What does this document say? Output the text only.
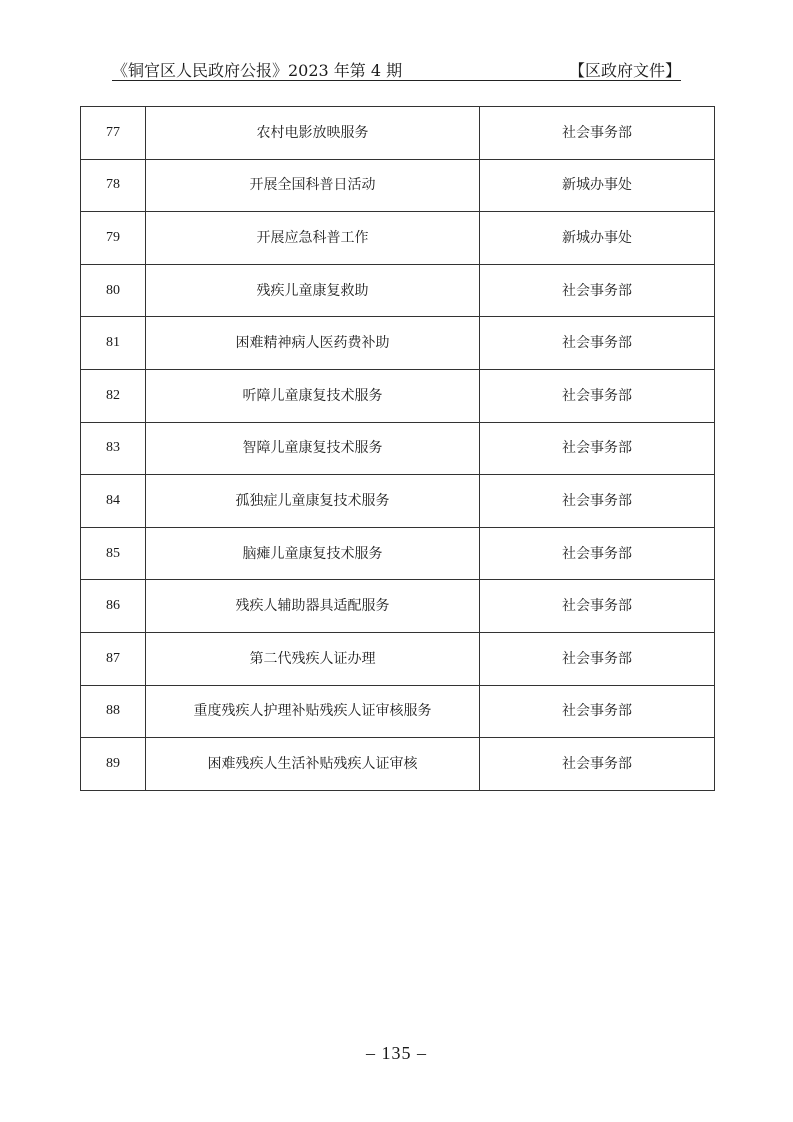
《铜官区人民政府公报》2023 年第 4 期	【区政府文件】
77	农村电影放映服务	社会事务部
78	开展全国科普日活动	新城办事处
79	开展应急科普工作	新城办事处
80	残疾儿童康复救助	社会事务部
81	困难精神病人医药费补助	社会事务部
82	听障儿童康复技术服务	社会事务部
83	智障儿童康复技术服务	社会事务部
84	孤独症儿童康复技术服务	社会事务部
85	脑瘫儿童康复技术服务	社会事务部
86	残疾人辅助器具适配服务	社会事务部
87	第二代残疾人证办理	社会事务部
88	重度残疾人护理补贴残疾人证审核服务	社会事务部
89	困难残疾人生活补贴残疾人证审核	社会事务部
– 135 –
